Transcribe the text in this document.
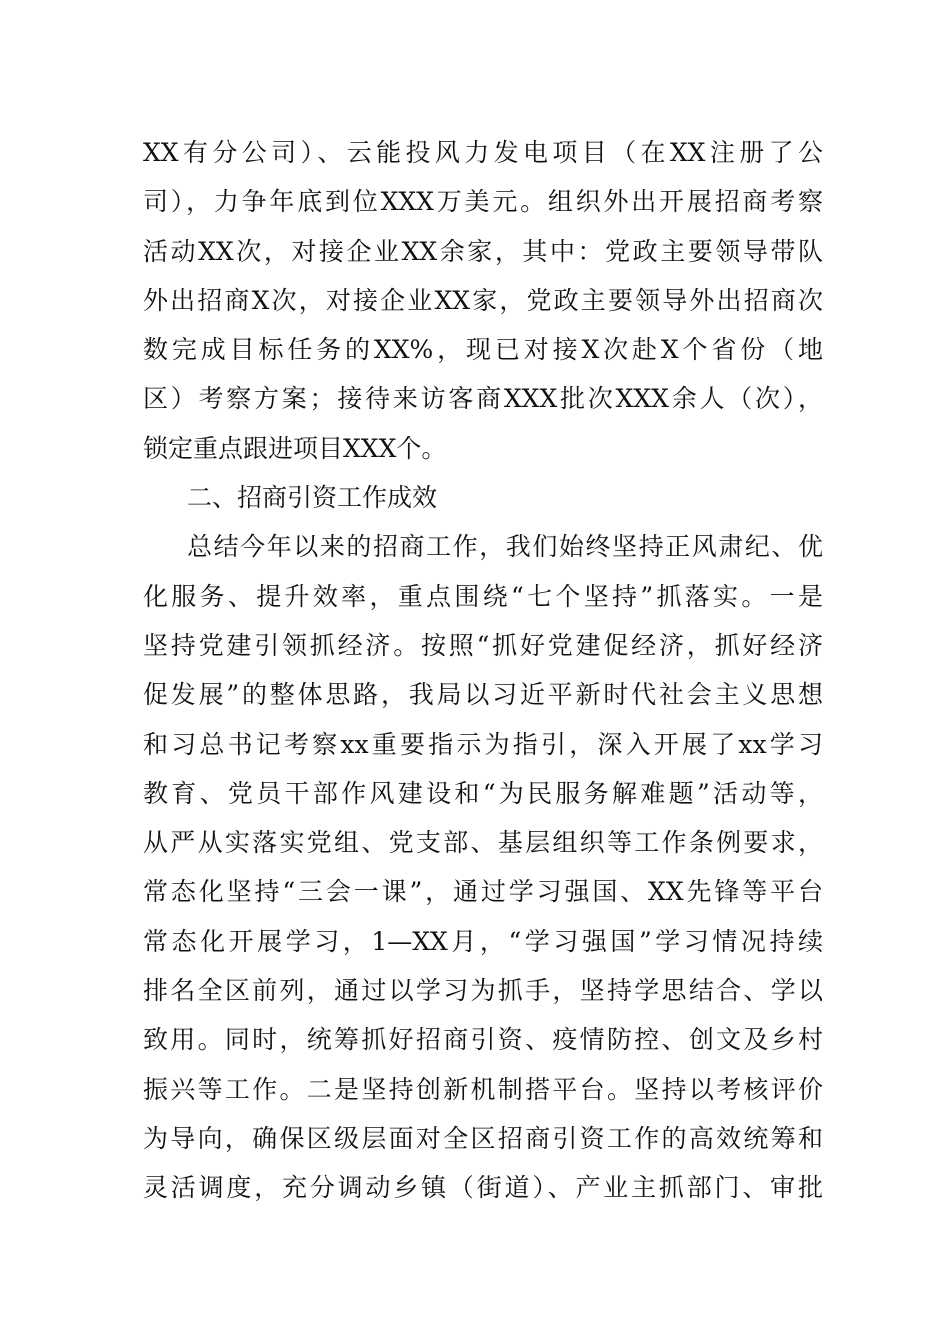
XX有分公司）、云能投风力发电项目（在XX注册了公
司），力争年底到位XXX万美元。组织外出开展招商考察
活动XX次，对接企业XX余家，其中：党政主要领导带队
外出招商X次，对接企业XX家，党政主要领导外出招商次
数完成目标任务的XX%，现已对接X次赴X个省份（地
区）考察方案；接待来访客商XXX批次XXX余人（次），
锁定重点跟进项目XXX个。
二、招商引资工作成效
总结今年以来的招商工作，我们始终坚持正风肃纪、优
化服务、提升效率，重点围绕“七个坚持”抓落实。一是
坚持党建引领抓经济。按照“抓好党建促经济，抓好经济
促发展”的整体思路，我局以习近平新时代社会主义思想
和习总书记考察xx重要指示为指引，深入开展了xx学习
教育、党员干部作风建设和“为民服务解难题”活动等，
从严从实落实党组、党支部、基层组织等工作条例要求，
常态化坚持“三会一课”，通过学习强国、XX先锋等平台
常态化开展学习，1—XX月，“学习强国”学习情况持续
排名全区前列，通过以学习为抓手，坚持学思结合、学以
致用。同时，统筹抓好招商引资、疫情防控、创文及乡村
振兴等工作。二是坚持创新机制搭平台。坚持以考核评价
为导向，确保区级层面对全区招商引资工作的高效统筹和
灵活调度，充分调动乡镇（街道）、产业主抓部门、审批
